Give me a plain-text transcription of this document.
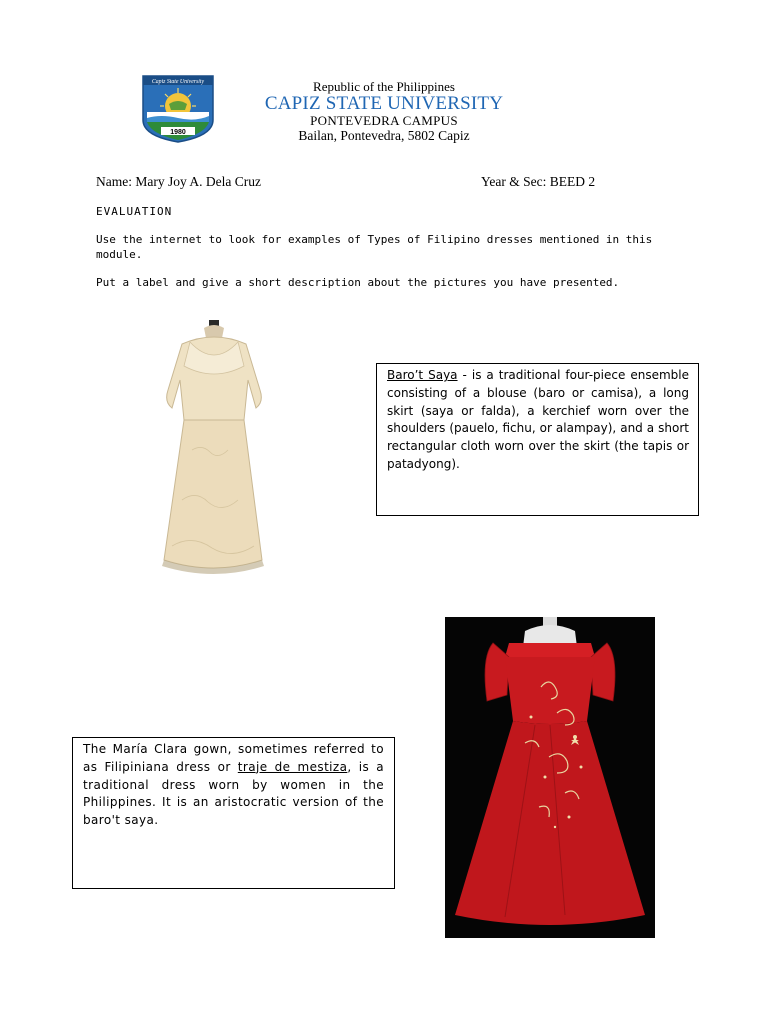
Capiz State University
1980
Republic of the Philippines
CAPIZ STATE UNIVERSITY
PONTEVEDRA CAMPUS
Bailan, Pontevedra, 5802 Capiz
Name: Mary Joy A. Dela Cruz	Year & Sec: BEED 2
EVALUATION
Use the internet to look for examples of Types of Filipino dresses mentioned in this module.
Put a label and give a short description about the pictures you have presented.
Baro’t Saya - is a traditional four-piece ensemble consisting of a blouse (baro or camisa), a long skirt (saya or falda), a kerchief worn over the shoulders (pauelo, fichu, or alampay), and a short rectangular cloth worn over the skirt (the tapis or patadyong).
The María Clara gown, sometimes referred to as Filipiniana dress or traje de mestiza, is a traditional dress worn by women in the Philippines. It is an aristocratic version of the baro't saya.
